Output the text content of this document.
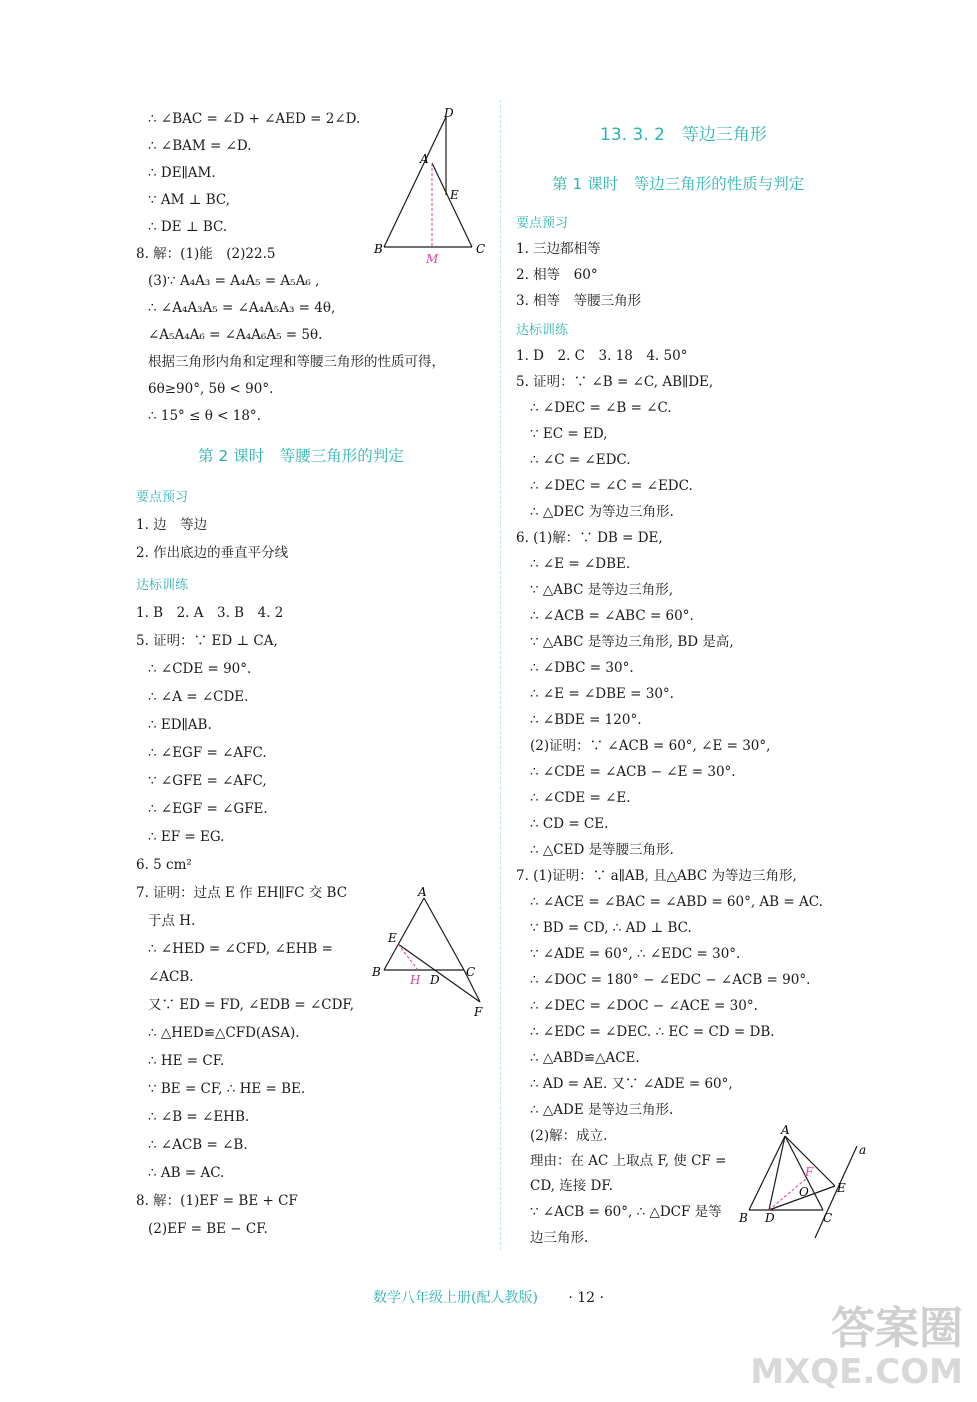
∴ ∠BAC = ∠D + ∠AED = 2∠D.
∴ ∠BAM = ∠D.
∴ DE∥AM.
∵ AM ⊥ BC,
∴ DE ⊥ BC.
8. 解：(1)能　(2)22.5
(3)∵ A₄A₃ = A₄A₅ = A₅A₆ ,
∴ ∠A₄A₃A₅ = ∠A₄A₅A₃ = 4θ,
∠A₅A₄A₆ = ∠A₄A₆A₅ = 5θ.
根据三角形内角和定理和等腰三角形的性质可得，
6θ≥90°, 5θ < 90°.
∴ 15° ≤ θ < 18°.
D
A
E
B	C
M
第 2 课时　等腰三角形的判定
要点预习
1. 边　等边
2. 作出底边的垂直平分线
达标训练
1. B　2. A　3. B　4. 2
5. 证明：∵ ED ⊥ CA,
∴ ∠CDE = 90°.
∴ ∠A = ∠CDE.
∴ ED∥AB.
∴ ∠EGF = ∠AFC.
∵ ∠GFE = ∠AFC,
∴ ∠EGF = ∠GFE.
∴ EF = EG.
6. 5 cm²
7. 证明：过点 E 作 EH∥FC 交 BC
于点 H.
∴ ∠HED = ∠CFD, ∠EHB =
∠ACB.
又∵ ED = FD, ∠EDB = ∠CDF,
∴ △HED≌△CFD(ASA).
∴ HE = CF.
∵ BE = CF, ∴ HE = BE.
∴ ∠B = ∠EHB.
∴ ∠ACB = ∠B.
∴ AB = AC.
8. 解：(1)EF = BE + CF
(2)EF = BE − CF.
A
E
B
H D
C
F
13. 3. 2　等边三角形
第 1 课时　等边三角形的性质与判定
要点预习
1. 三边都相等
2. 相等　60°
3. 相等　等腰三角形
达标训练
1. D　2. C　3. 18　4. 50°
5. 证明：∵ ∠B = ∠C, AB∥DE,
∴ ∠DEC = ∠B = ∠C.
∵ EC = ED,
∴ ∠C = ∠EDC.
∴ ∠DEC = ∠C = ∠EDC.
∴ △DEC 为等边三角形.
6. (1)解：∵ DB = DE,
∴ ∠E = ∠DBE.
∵ △ABC 是等边三角形,
∴ ∠ACB = ∠ABC = 60°.
∵ △ABC 是等边三角形, BD 是高,
∴ ∠DBC = 30°.
∴ ∠E = ∠DBE = 30°.
∴ ∠BDE = 120°.
(2)证明：∵ ∠ACB = 60°, ∠E = 30°,
∴ ∠CDE = ∠ACB − ∠E = 30°.
∴ ∠CDE = ∠E.
∴ CD = CE.
∴ △CED 是等腰三角形.
7. (1)证明：∵ a∥AB, 且△ABC 为等边三角形,
∴ ∠ACE = ∠BAC = ∠ABD = 60°, AB = AC.
∵ BD = CD, ∴ AD ⊥ BC.
∵ ∠ADE = 60°, ∴ ∠EDC = 30°.
∴ ∠DOC = 180° − ∠EDC − ∠ACB = 90°.
∴ ∠DEC = ∠DOC − ∠ACE = 30°.
∴ ∠EDC = ∠DEC. ∴ EC = CD = DB.
∴ △ABD≌△ACE.
∴ AD = AE. 又∵ ∠ADE = 60°,
∴ △ADE 是等边三角形.
(2)解：成立.
理由：在 AC 上取点 F, 使 CF =
CD, 连接 DF.
∵ ∠ACB = 60°, ∴ △DCF 是等
边三角形.
A
a
F
O E
B D	C
数学八年级上册(配人教版) · 12 ·
答案圈
MXQE.COM
